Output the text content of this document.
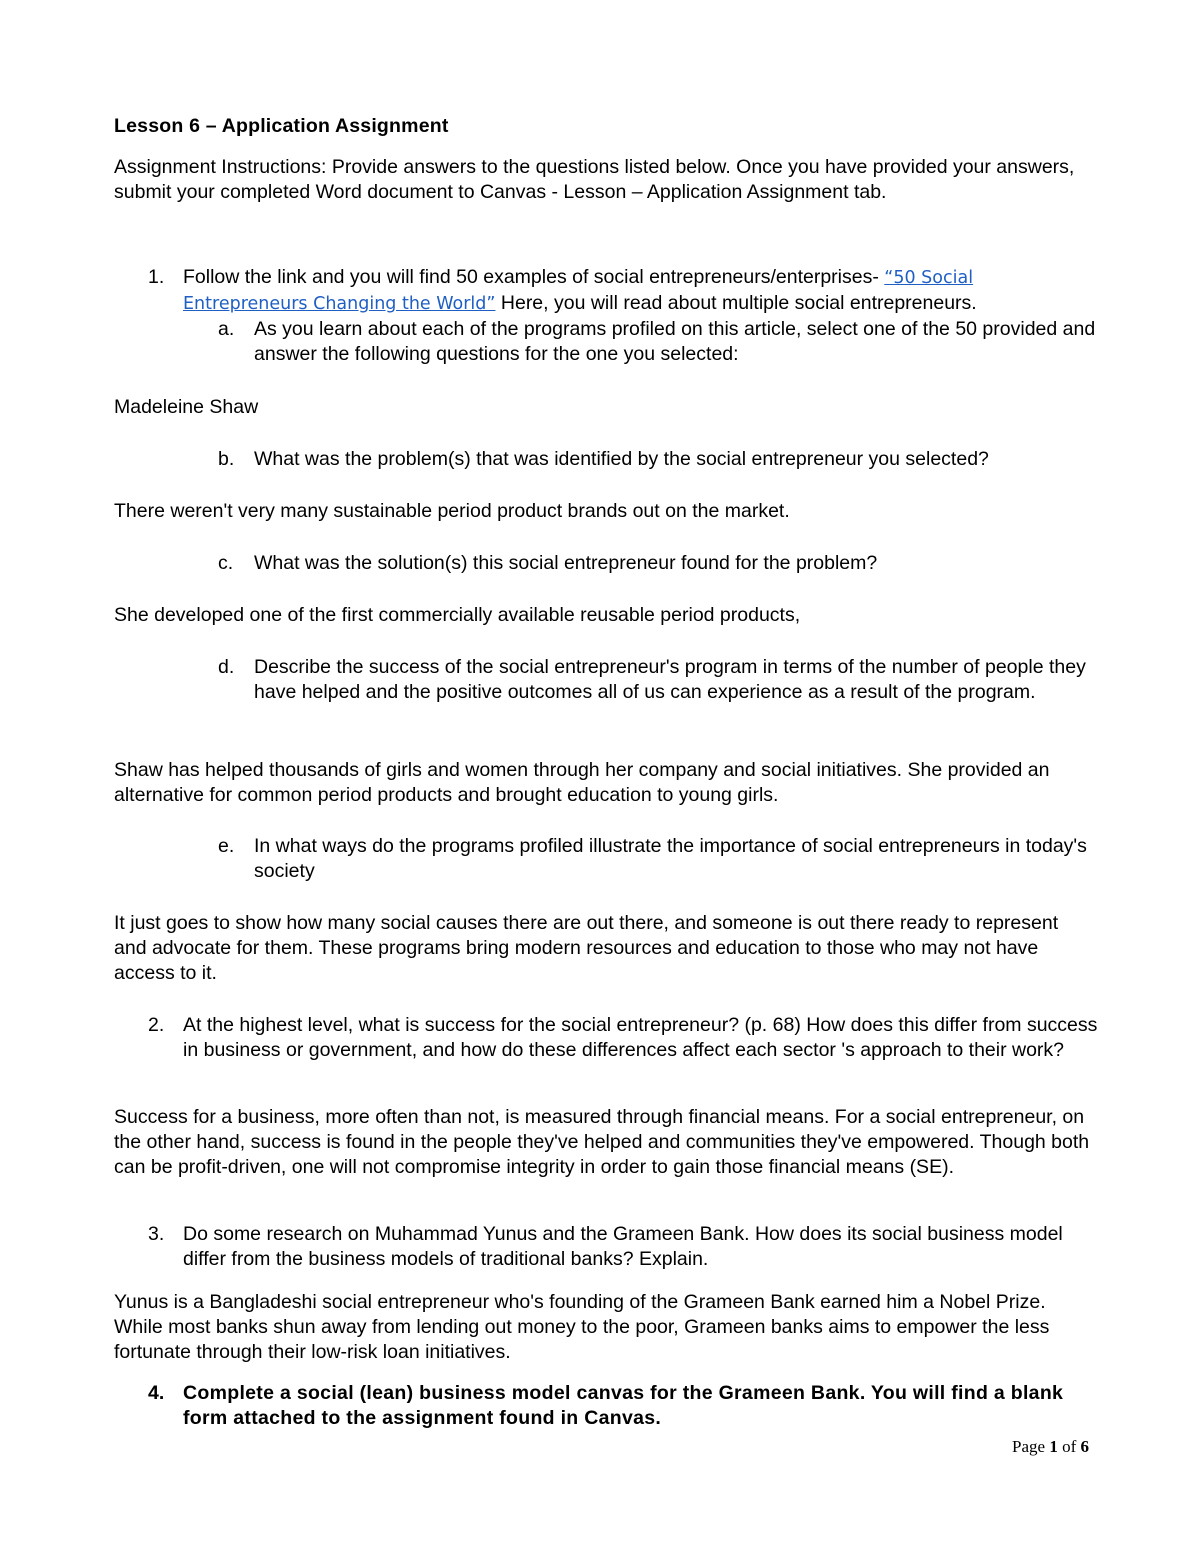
Lesson 6 – Application Assignment
Assignment Instructions: Provide answers to the questions listed below. Once you have provided your answers, submit your completed Word document to Canvas - Lesson – Application Assignment tab.
1. Follow the link and you will find 50 examples of social entrepreneurs/enterprises- “50 Social
Entrepreneurs Changing the World” Here, you will read about multiple social entrepreneurs.
a.	As you learn about each of the programs profiled on this article, select one of the 50 provided and answer the following questions for the one you selected:
Madeleine Shaw
b.	What was the problem(s) that was identified by the social entrepreneur you selected?
There weren't very many sustainable period product brands out on the market.
c.	What was the solution(s) this social entrepreneur found for the problem?
She developed one of the first commercially available reusable period products,
d.	Describe the success of the social entrepreneur's program in terms of the number of people they have helped and the positive outcomes all of us can experience as a result of the program.
Shaw has helped thousands of girls and women through her company and social initiatives. She provided an alternative for common period products and brought education to young girls.
e.	In what ways do the programs profiled illustrate the importance of social entrepreneurs in today's society
It just goes to show how many social causes there are out there, and someone is out there ready to represent and advocate for them. These programs bring modern resources and education to those who may not have access to it.
2. At the highest level, what is success for the social entrepreneur? (p. 68) How does this differ from success in business or government, and how do these differences affect each sector 's approach to their work?
Success for a business, more often than not, is measured through financial means. For a social entrepreneur, on the other hand, success is found in the people they've helped and communities they've empowered. Though both can be profit-driven, one will not compromise integrity in order to gain those financial means (SE).
3. Do some research on Muhammad Yunus and the Grameen Bank. How does its social business model differ from the business models of traditional banks? Explain.
Yunus is a Bangladeshi social entrepreneur who's founding of the Grameen Bank earned him a Nobel Prize. While most banks shun away from lending out money to the poor, Grameen banks aims to empower the less fortunate through their low-risk loan initiatives.
4. Complete a social (lean) business model canvas for the Grameen Bank. You will find a blank form attached to the assignment found in Canvas.
Page 1 of 6
